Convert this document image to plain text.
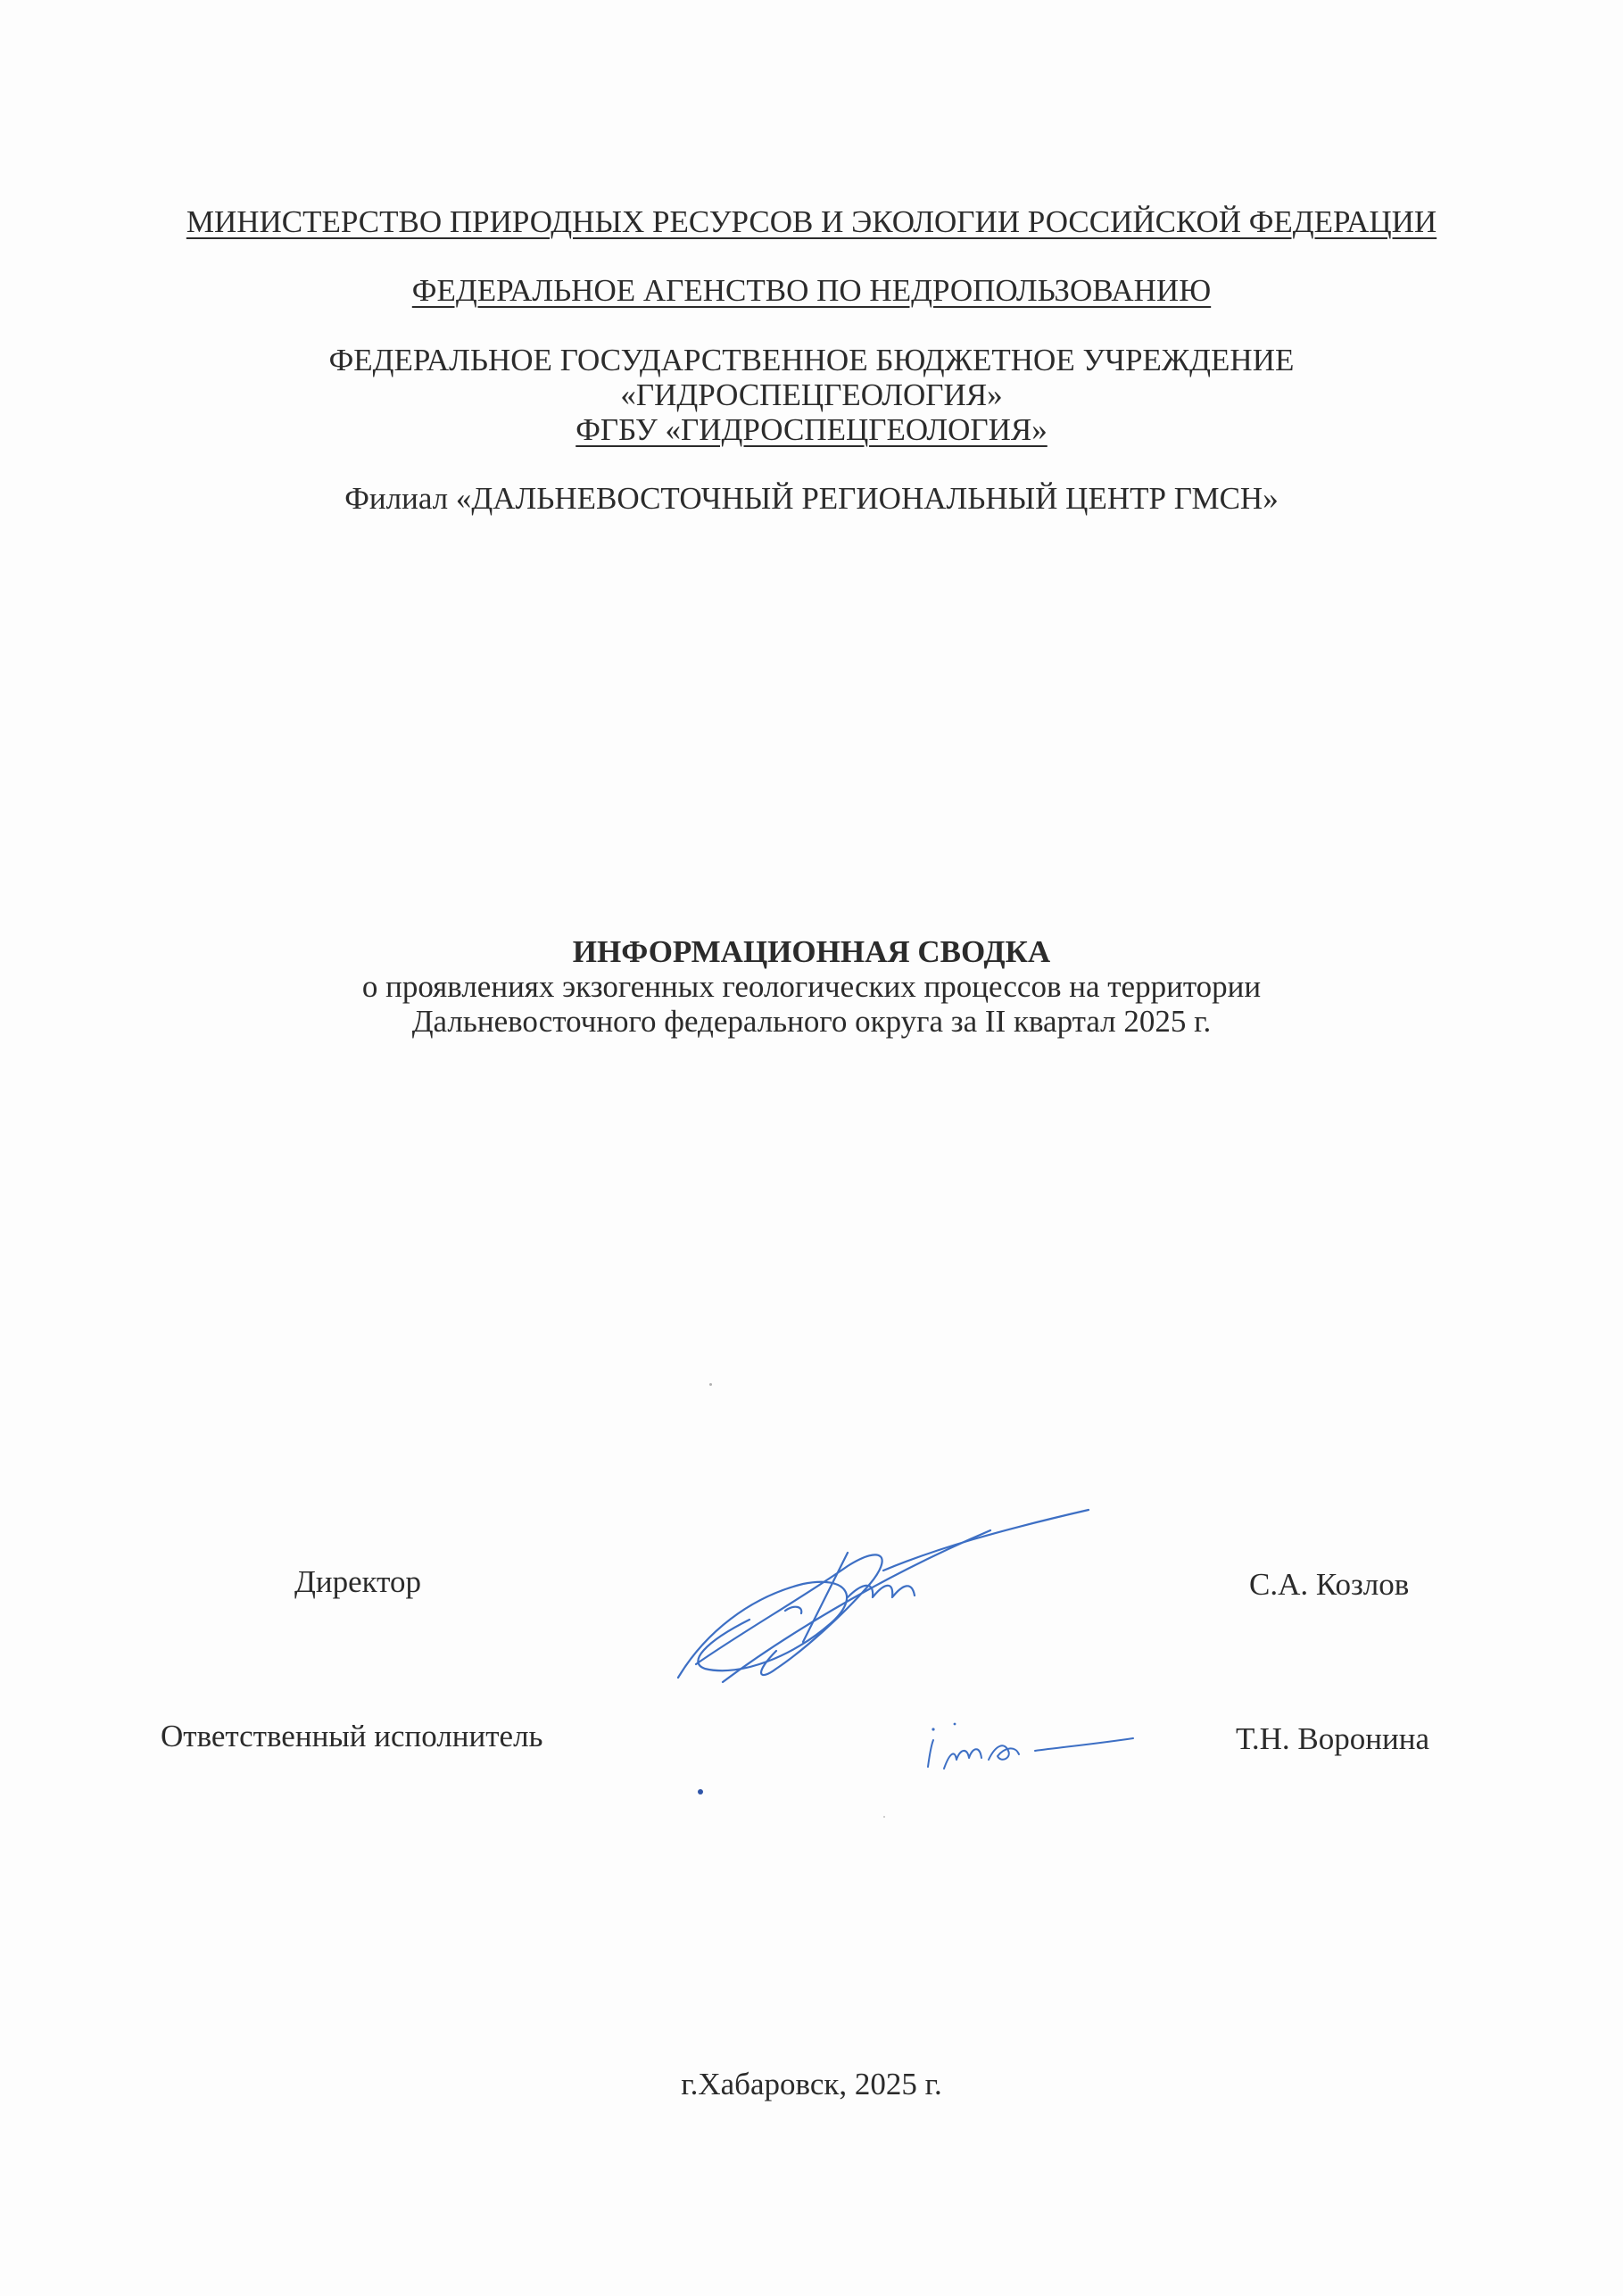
МИНИСТЕРСТВО ПРИРОДНЫХ РЕСУРСОВ И ЭКОЛОГИИ РОССИЙСКОЙ ФЕДЕРАЦИИ
ФЕДЕРАЛЬНОЕ АГЕНСТВО ПО НЕДРОПОЛЬЗОВАНИЮ
ФЕДЕРАЛЬНОЕ ГОСУДАРСТВЕННОЕ БЮДЖЕТНОЕ УЧРЕЖДЕНИЕ
«ГИДРОСПЕЦГЕОЛОГИЯ»
ФГБУ «ГИДРОСПЕЦГЕОЛОГИЯ»
Филиал «ДАЛЬНЕВОСТОЧНЫЙ РЕГИОНАЛЬНЫЙ ЦЕНТР ГМСН»
ИНФОРМАЦИОННАЯ СВОДКА
о проявлениях экзогенных геологических процессов на территории
Дальневосточного федерального округа за II квартал 2025 г.
Директор	С.А. Козлов
Ответственный исполнитель	Т.Н. Воронина
г.Хабаровск, 2025 г.
